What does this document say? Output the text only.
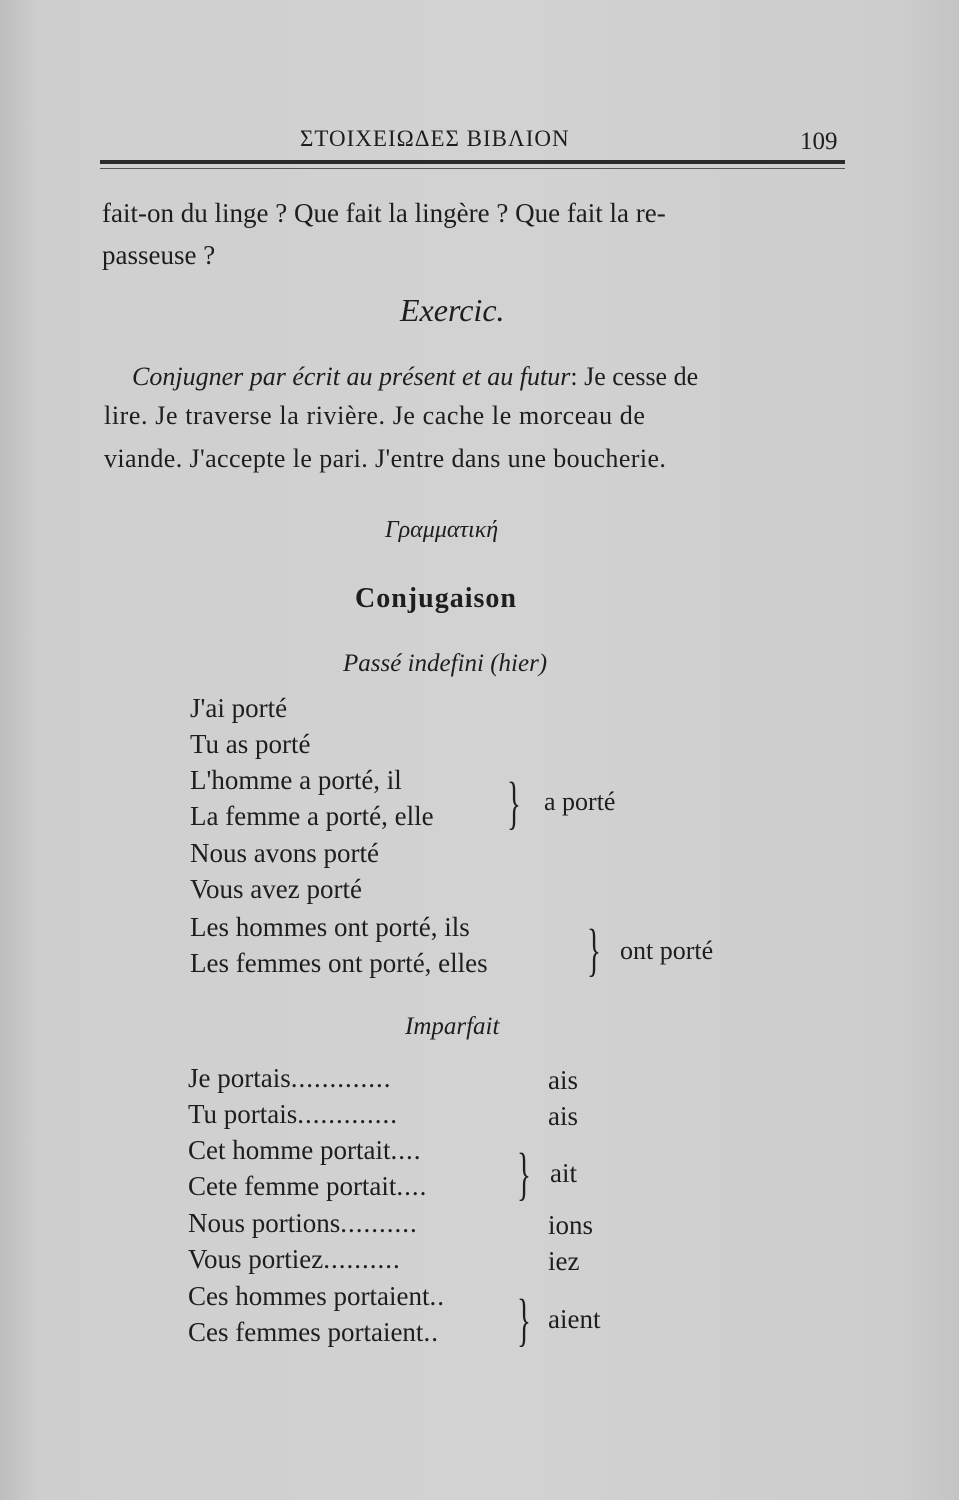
ΣΤΟΙΧΕΙΩΔΕΣ ΒΙΒΛΙΟΝ	109
fait-on du linge ? Que fait la lingère ? Que fait la re-
passeuse ?
Exercic.
Conjugner par écrit au présent et au futur: Je cesse de
lire. Je traverse la rivière. Je cache le morceau de
viande. J'accepte le pari. J'entre dans une boucherie.
Γραμματική
Conjugaison
Passé indefini (hier)
J'ai porté
Tu as porté
L'homme a porté, il
La femme a porté, elle } a porté
Nous avons porté
Vous avez porté
Les hommes ont porté, ils
Les femmes ont porté, elles } ont porté
Imparfait
Je portais.............	ais
Tu portais.............	ais
Cet homme portait....
Cete femme portait.... } ait
Nous portions..........	ions
Vous portiez..........	iez
Ces hommes portaient..
Ces femmes portaient.. } aient
